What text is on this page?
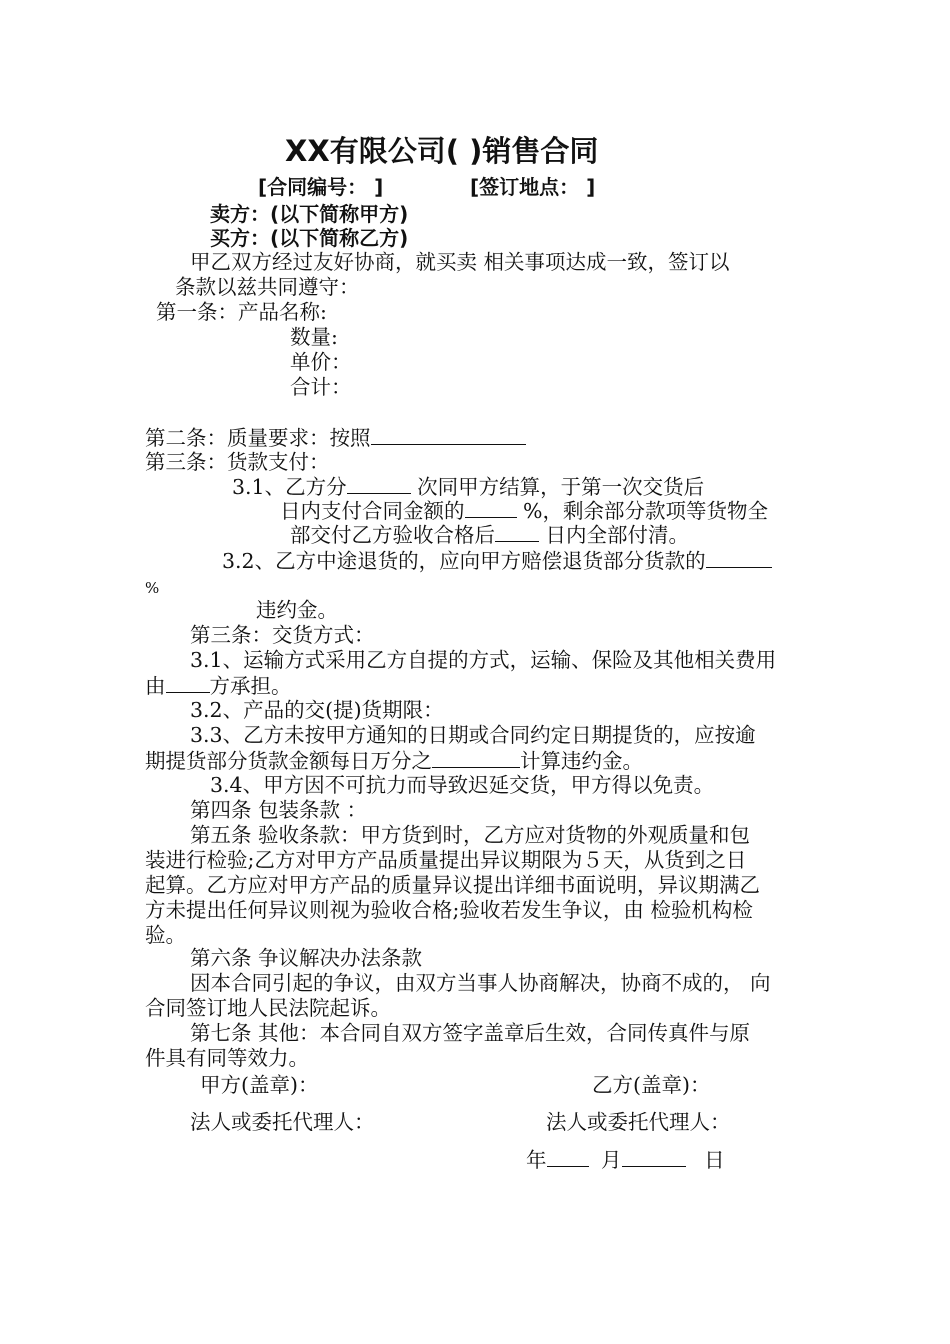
XX有限公司( )销售合同
[合同编号： ]	[签订地点： ]
卖方：(以下简称甲方)
买方：(以下简称乙方)
甲乙双方经过友好协商，就买卖 相关事项达成一致，签订以
条款以兹共同遵守：
第一条：产品名称:
数量:
单价：
合计：
第二条：质量要求：按照
第三条：货款支付：
3.1、乙方分	次同甲方结算，于第一次交货后
日内支付合同金额的	%，剩余部分款项等货物全
部交付乙方验收合格后 日内全部付清。
3.2、乙方中途退货的，应向甲方赔偿退货部分货款的
%
违约金。
第三条：交货方式：
3.1、运输方式采用乙方自提的方式，运输、保险及其他相关费用
由 方承担。
3.2、产品的交(提)货期限：
3.3、乙方未按甲方通知的日期或合同约定日期提货的，应按逾
期提货部分货款金额每日万分之	计算违约金。
3.4、甲方因不可抗力而导致迟延交货，甲方得以免责。
第四条 包装条款 ：
第五条 验收条款：甲方货到时，乙方应对货物的外观质量和包
装进行检验;乙方对甲方产品质量提出异议期限为５天，从货到之日
起算。乙方应对甲方产品的质量异议提出详细书面说明，异议期满乙
方未提出任何异议则视为验收合格;验收若发生争议，由 检验机构检
验。
第六条 争议解决办法条款
因本合同引起的争议，由双方当事人协商解决，协商不成的， 向
合同签订地人民法院起诉。
第七条 其他：本合同自双方签字盖章后生效，合同传真件与原
件具有同等效力。
甲方(盖章)：	乙方(盖章)：
法人或委托代理人：	法人或委托代理人：
年	月	日
